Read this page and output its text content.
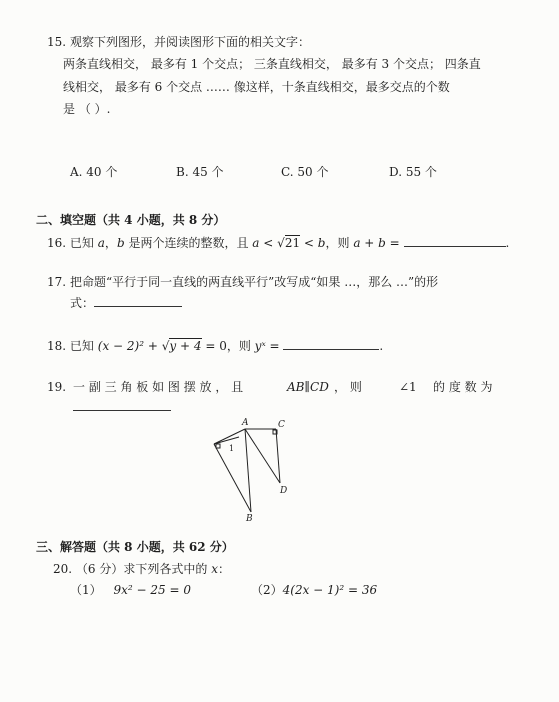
15. 观察下列图形，并阅读图形下面的相关文字：
两条直线相交， 最多有 1 个交点； 三条直线相交， 最多有 3 个交点； 四条直
线相交， 最多有 6 个交点 …… 像这样，十条直线相交，最多交点的个数
是 （ ）.
A. 40 个	B. 45 个	C. 50 个	D. 55 个
二、填空题（共 4 小题，共 8 分）
16. 已知 a，b 是两个连续的整数，且 a < √21 < b，则 a + b =	.
17. 把命题“平行于同一直线的两直线平行”改写成“如果 …，那么 …”的形
式：
18. 已知 (x − 2)² + √y + 4 = 0，则 yˣ =	.
19. 一 副 三 角 板 如 图 摆 放 ， 且	AB∥CD ， 则	∠1 的 度 数 为
A	C
1
D
B
三、解答题（共 8 小题，共 62 分）
20. （6 分）求下列各式中的 x：
（1） 9x² − 25 = 0	（2）4(2x − 1)² = 36
